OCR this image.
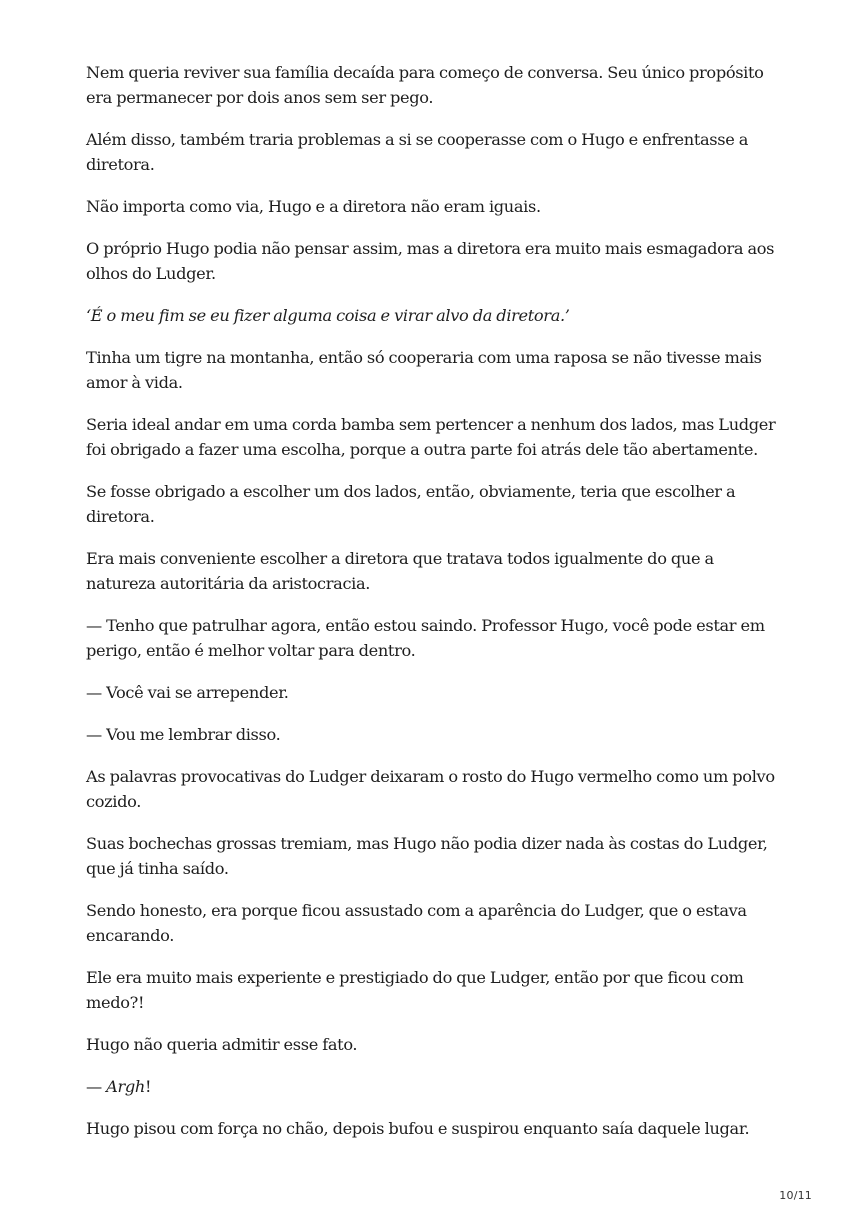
Nem queria reviver sua família decaída para começo de conversa. Seu único propósito era permanecer por dois anos sem ser pego.

Além disso, também traria problemas a si se cooperasse com o Hugo e enfrentasse a diretora.

Não importa como via, Hugo e a diretora não eram iguais.

O próprio Hugo podia não pensar assim, mas a diretora era muito mais esmagadora aos olhos do Ludger.

‘É o meu fim se eu fizer alguma coisa e virar alvo da diretora.’

Tinha um tigre na montanha, então só cooperaria com uma raposa se não tivesse mais amor à vida.

Seria ideal andar em uma corda bamba sem pertencer a nenhum dos lados, mas Ludger foi obrigado a fazer uma escolha, porque a outra parte foi atrás dele tão abertamente.

Se fosse obrigado a escolher um dos lados, então, obviamente, teria que escolher a diretora.

Era mais conveniente escolher a diretora que tratava todos igualmente do que a natureza autoritária da aristocracia.

— Tenho que patrulhar agora, então estou saindo. Professor Hugo, você pode estar em perigo, então é melhor voltar para dentro.

— Você vai se arrepender.

— Vou me lembrar disso.

As palavras provocativas do Ludger deixaram o rosto do Hugo vermelho como um polvo cozido.

Suas bochechas grossas tremiam, mas Hugo não podia dizer nada às costas do Ludger, que já tinha saído.

Sendo honesto, era porque ficou assustado com a aparência do Ludger, que o estava encarando.

Ele era muito mais experiente e prestigiado do que Ludger, então por que ficou com medo?!

Hugo não queria admitir esse fato.

— Argh!

Hugo pisou com força no chão, depois bufou e suspirou enquanto saía daquele lugar.

10/11
